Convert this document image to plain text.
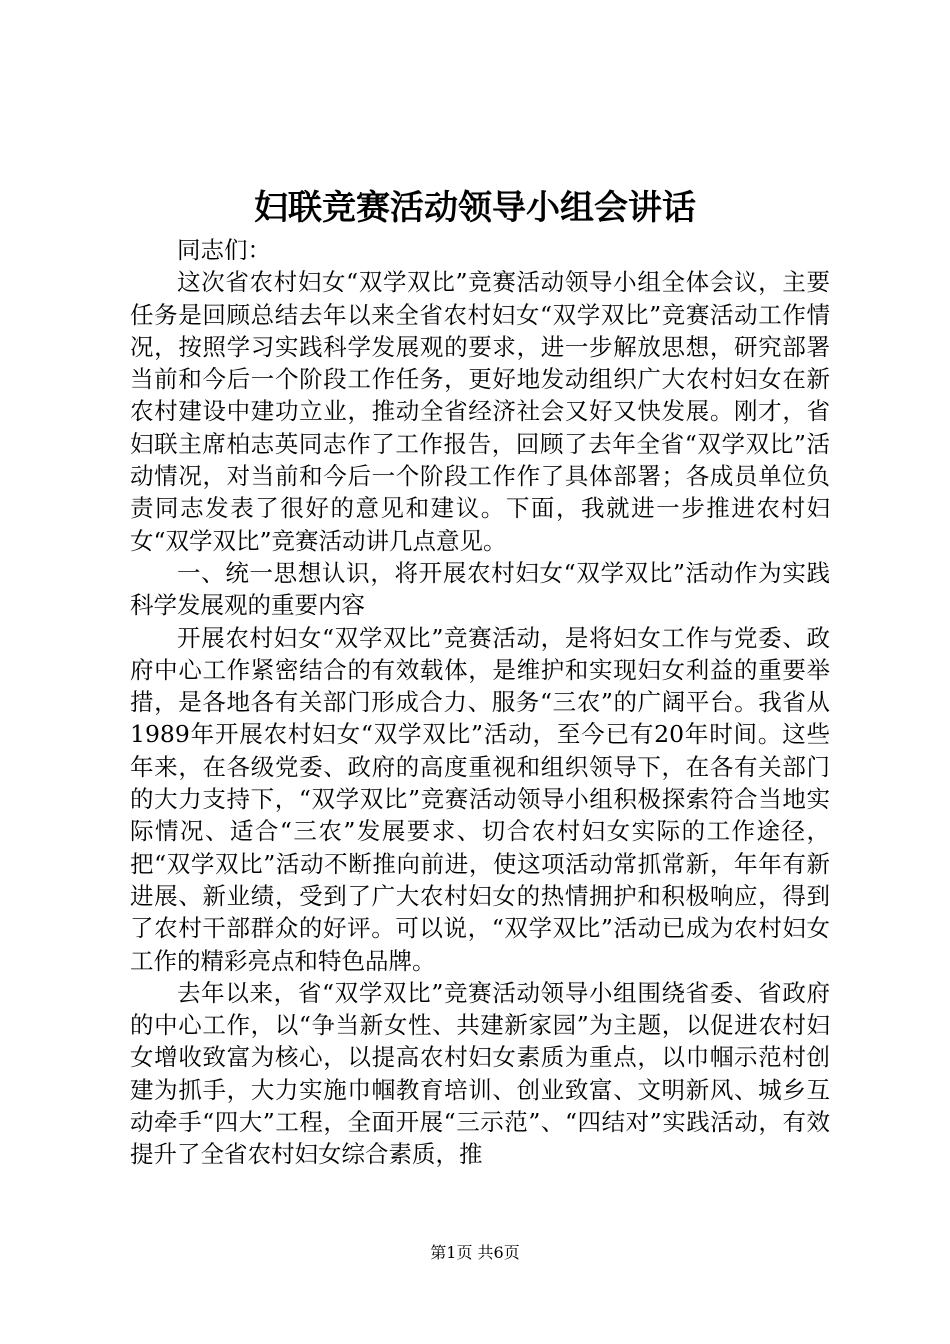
妇联竞赛活动领导小组会讲话

同志们：

这次省农村妇女“双学双比”竞赛活动领导小组全体会议，主要任务是回顾总结去年以来全省农村妇女“双学双比”竞赛活动工作情况，按照学习实践科学发展观的要求，进一步解放思想，研究部署当前和今后一个阶段工作任务，更好地发动组织广大农村妇女在新农村建设中建功立业，推动全省经济社会又好又快发展。刚才，省妇联主席柏志英同志作了工作报告，回顾了去年全省“双学双比”活动情况，对当前和今后一个阶段工作作了具体部署；各成员单位负责同志发表了很好的意见和建议。下面，我就进一步推进农村妇女“双学双比”竞赛活动讲几点意见。

一、统一思想认识，将开展农村妇女“双学双比”活动作为实践科学发展观的重要内容

开展农村妇女“双学双比”竞赛活动，是将妇女工作与党委、政府中心工作紧密结合的有效载体，是维护和实现妇女利益的重要举措，是各地各有关部门形成合力、服务“三农”的广阔平台。我省从1989年开展农村妇女“双学双比”活动，至今已有20年时间。这些年来，在各级党委、政府的高度重视和组织领导下，在各有关部门的大力支持下，“双学双比”竞赛活动领导小组积极探索符合当地实际情况、适合“三农”发展要求、切合农村妇女实际的工作途径，把“双学双比”活动不断推向前进，使这项活动常抓常新，年年有新进展、新业绩，受到了广大农村妇女的热情拥护和积极响应，得到了农村干部群众的好评。可以说，“双学双比”活动已成为农村妇女工作的精彩亮点和特色品牌。

去年以来，省“双学双比”竞赛活动领导小组围绕省委、省政府的中心工作，以“争当新女性、共建新家园”为主题，以促进农村妇女增收致富为核心，以提高农村妇女素质为重点，以巾帼示范村创建为抓手，大力实施巾帼教育培训、创业致富、文明新风、城乡互动牵手“四大”工程，全面开展“三示范”、“四结对”实践活动，有效提升了全省农村妇女综合素质，推

第1页 共6页
